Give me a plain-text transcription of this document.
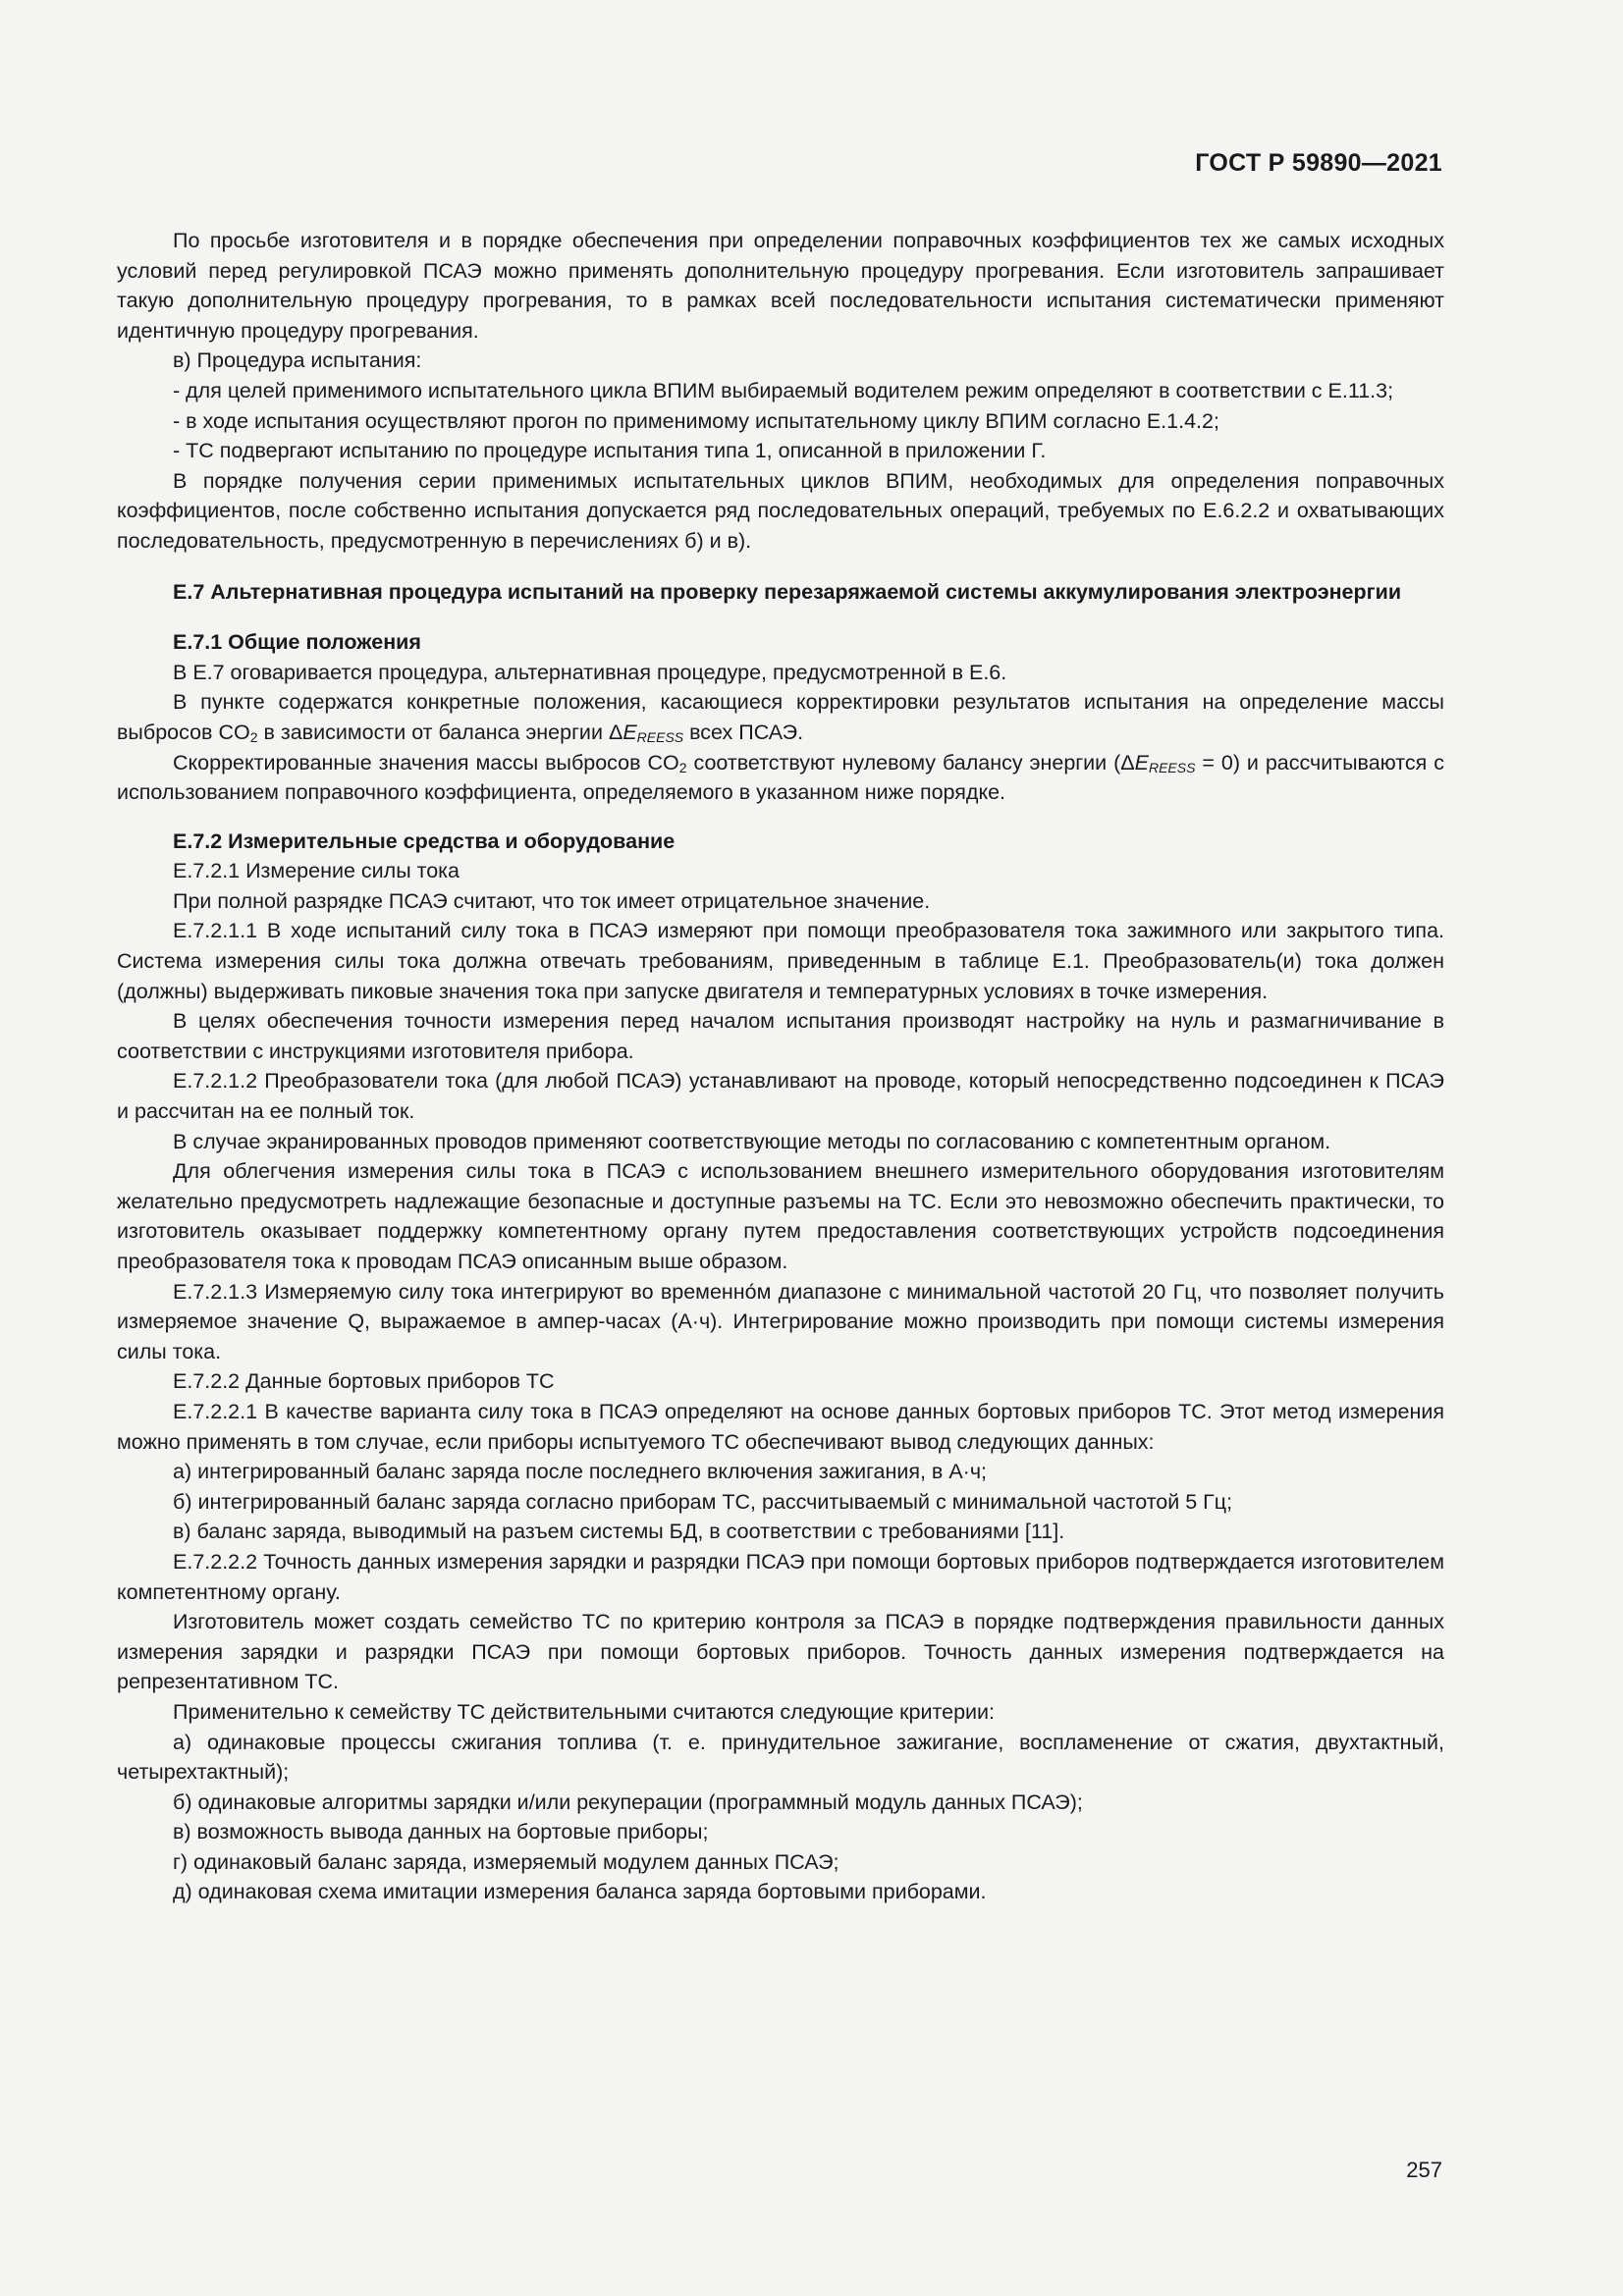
ГОСТ Р 59890—2021

По просьбе изготовителя и в порядке обеспечения при определении поправочных коэффициентов тех же самых исходных условий перед регулировкой ПСАЭ можно применять дополнительную процедуру прогревания. Если изготовитель запрашивает такую дополнительную процедуру прогревания, то в рамках всей последовательности испытания систематически применяют идентичную процедуру прогревания.

в) Процедура испытания:

- для целей применимого испытательного цикла ВПИМ выбираемый водителем режим определяют в соответствии с Е.11.3;

- в ходе испытания осуществляют прогон по применимому испытательному циклу ВПИМ согласно Е.1.4.2;

- ТС подвергают испытанию по процедуре испытания типа 1, описанной в приложении Г.

В порядке получения серии применимых испытательных циклов ВПИМ, необходимых для определения поправочных коэффициентов, после собственно испытания допускается ряд последовательных операций, требуемых по Е.6.2.2 и охватывающих последовательность, предусмотренную в перечислениях б) и в).

Е.7 Альтернативная процедура испытаний на проверку перезаряжаемой системы аккумулирования электроэнергии

Е.7.1 Общие положения

В Е.7 оговаривается процедура, альтернативная процедуре, предусмотренной в Е.6.

В пункте содержатся конкретные положения, касающиеся корректировки результатов испытания на определение массы выбросов $CO_2$ в зависимости от баланса энергии $\Delta E_{REESS}$ всех ПСАЭ.

Скорректированные значения массы выбросов $CO_2$ соответствуют нулевому балансу энергии $(\Delta E_{REESS} = 0)$ и рассчитываются с использованием поправочного коэффициента, определяемого в указанном ниже порядке.

Е.7.2 Измерительные средства и оборудование

Е.7.2.1 Измерение силы тока

При полной разрядке ПСАЭ считают, что ток имеет отрицательное значение.

Е.7.2.1.1 В ходе испытаний силу тока в ПСАЭ измеряют при помощи преобразователя тока зажимного или закрытого типа. Система измерения силы тока должна отвечать требованиям, приведенным в таблице Е.1. Преобразователь(и) тока должен (должны) выдерживать пиковые значения тока при запуске двигателя и температурных условиях в точке измерения.

В целях обеспечения точности измерения перед началом испытания производят настройку на нуль и размагничивание в соответствии с инструкциями изготовителя прибора.

Е.7.2.1.2 Преобразователи тока (для любой ПСАЭ) устанавливают на проводе, который непосредственно подсоединен к ПСАЭ и рассчитан на ее полный ток.

В случае экранированных проводов применяют соответствующие методы по согласованию с компетентным органом.

Для облегчения измерения силы тока в ПСАЭ с использованием внешнего измерительного оборудования изготовителям желательно предусмотреть надлежащие безопасные и доступные разъемы на ТС. Если это невозможно обеспечить практически, то изготовитель оказывает поддержку компетентному органу путем предоставления соответствующих устройств подсоединения преобразователя тока к проводам ПСАЭ описанным выше образом.

Е.7.2.1.3 Измеряемую силу тока интегрируют во временно́м диапазоне с минимальной частотой 20 Гц, что позволяет получить измеряемое значение Q, выражаемое в ампер-часах (А·ч). Интегрирование можно производить при помощи системы измерения силы тока.

Е.7.2.2 Данные бортовых приборов ТС

Е.7.2.2.1 В качестве варианта силу тока в ПСАЭ определяют на основе данных бортовых приборов ТС. Этот метод измерения можно применять в том случае, если приборы испытуемого ТС обеспечивают вывод следующих данных:

а) интегрированный баланс заряда после последнего включения зажигания, в А·ч;

б) интегрированный баланс заряда согласно приборам ТС, рассчитываемый с минимальной частотой 5 Гц;

в) баланс заряда, выводимый на разъем системы БД, в соответствии с требованиями [11].

Е.7.2.2.2 Точность данных измерения зарядки и разрядки ПСАЭ при помощи бортовых приборов подтверждается изготовителем компетентному органу.

Изготовитель может создать семейство ТС по критерию контроля за ПСАЭ в порядке подтверждения правильности данных измерения зарядки и разрядки ПСАЭ при помощи бортовых приборов. Точность данных измерения подтверждается на репрезентативном ТС.

Применительно к семейству ТС действительными считаются следующие критерии:

а) одинаковые процессы сжигания топлива (т. е. принудительное зажигание, воспламенение от сжатия, двухтактный, четырехтактный);

б) одинаковые алгоритмы зарядки и/или рекуперации (программный модуль данных ПСАЭ);

в) возможность вывода данных на бортовые приборы;

г) одинаковый баланс заряда, измеряемый модулем данных ПСАЭ;

д) одинаковая схема имитации измерения баланса заряда бортовыми приборами.

257
